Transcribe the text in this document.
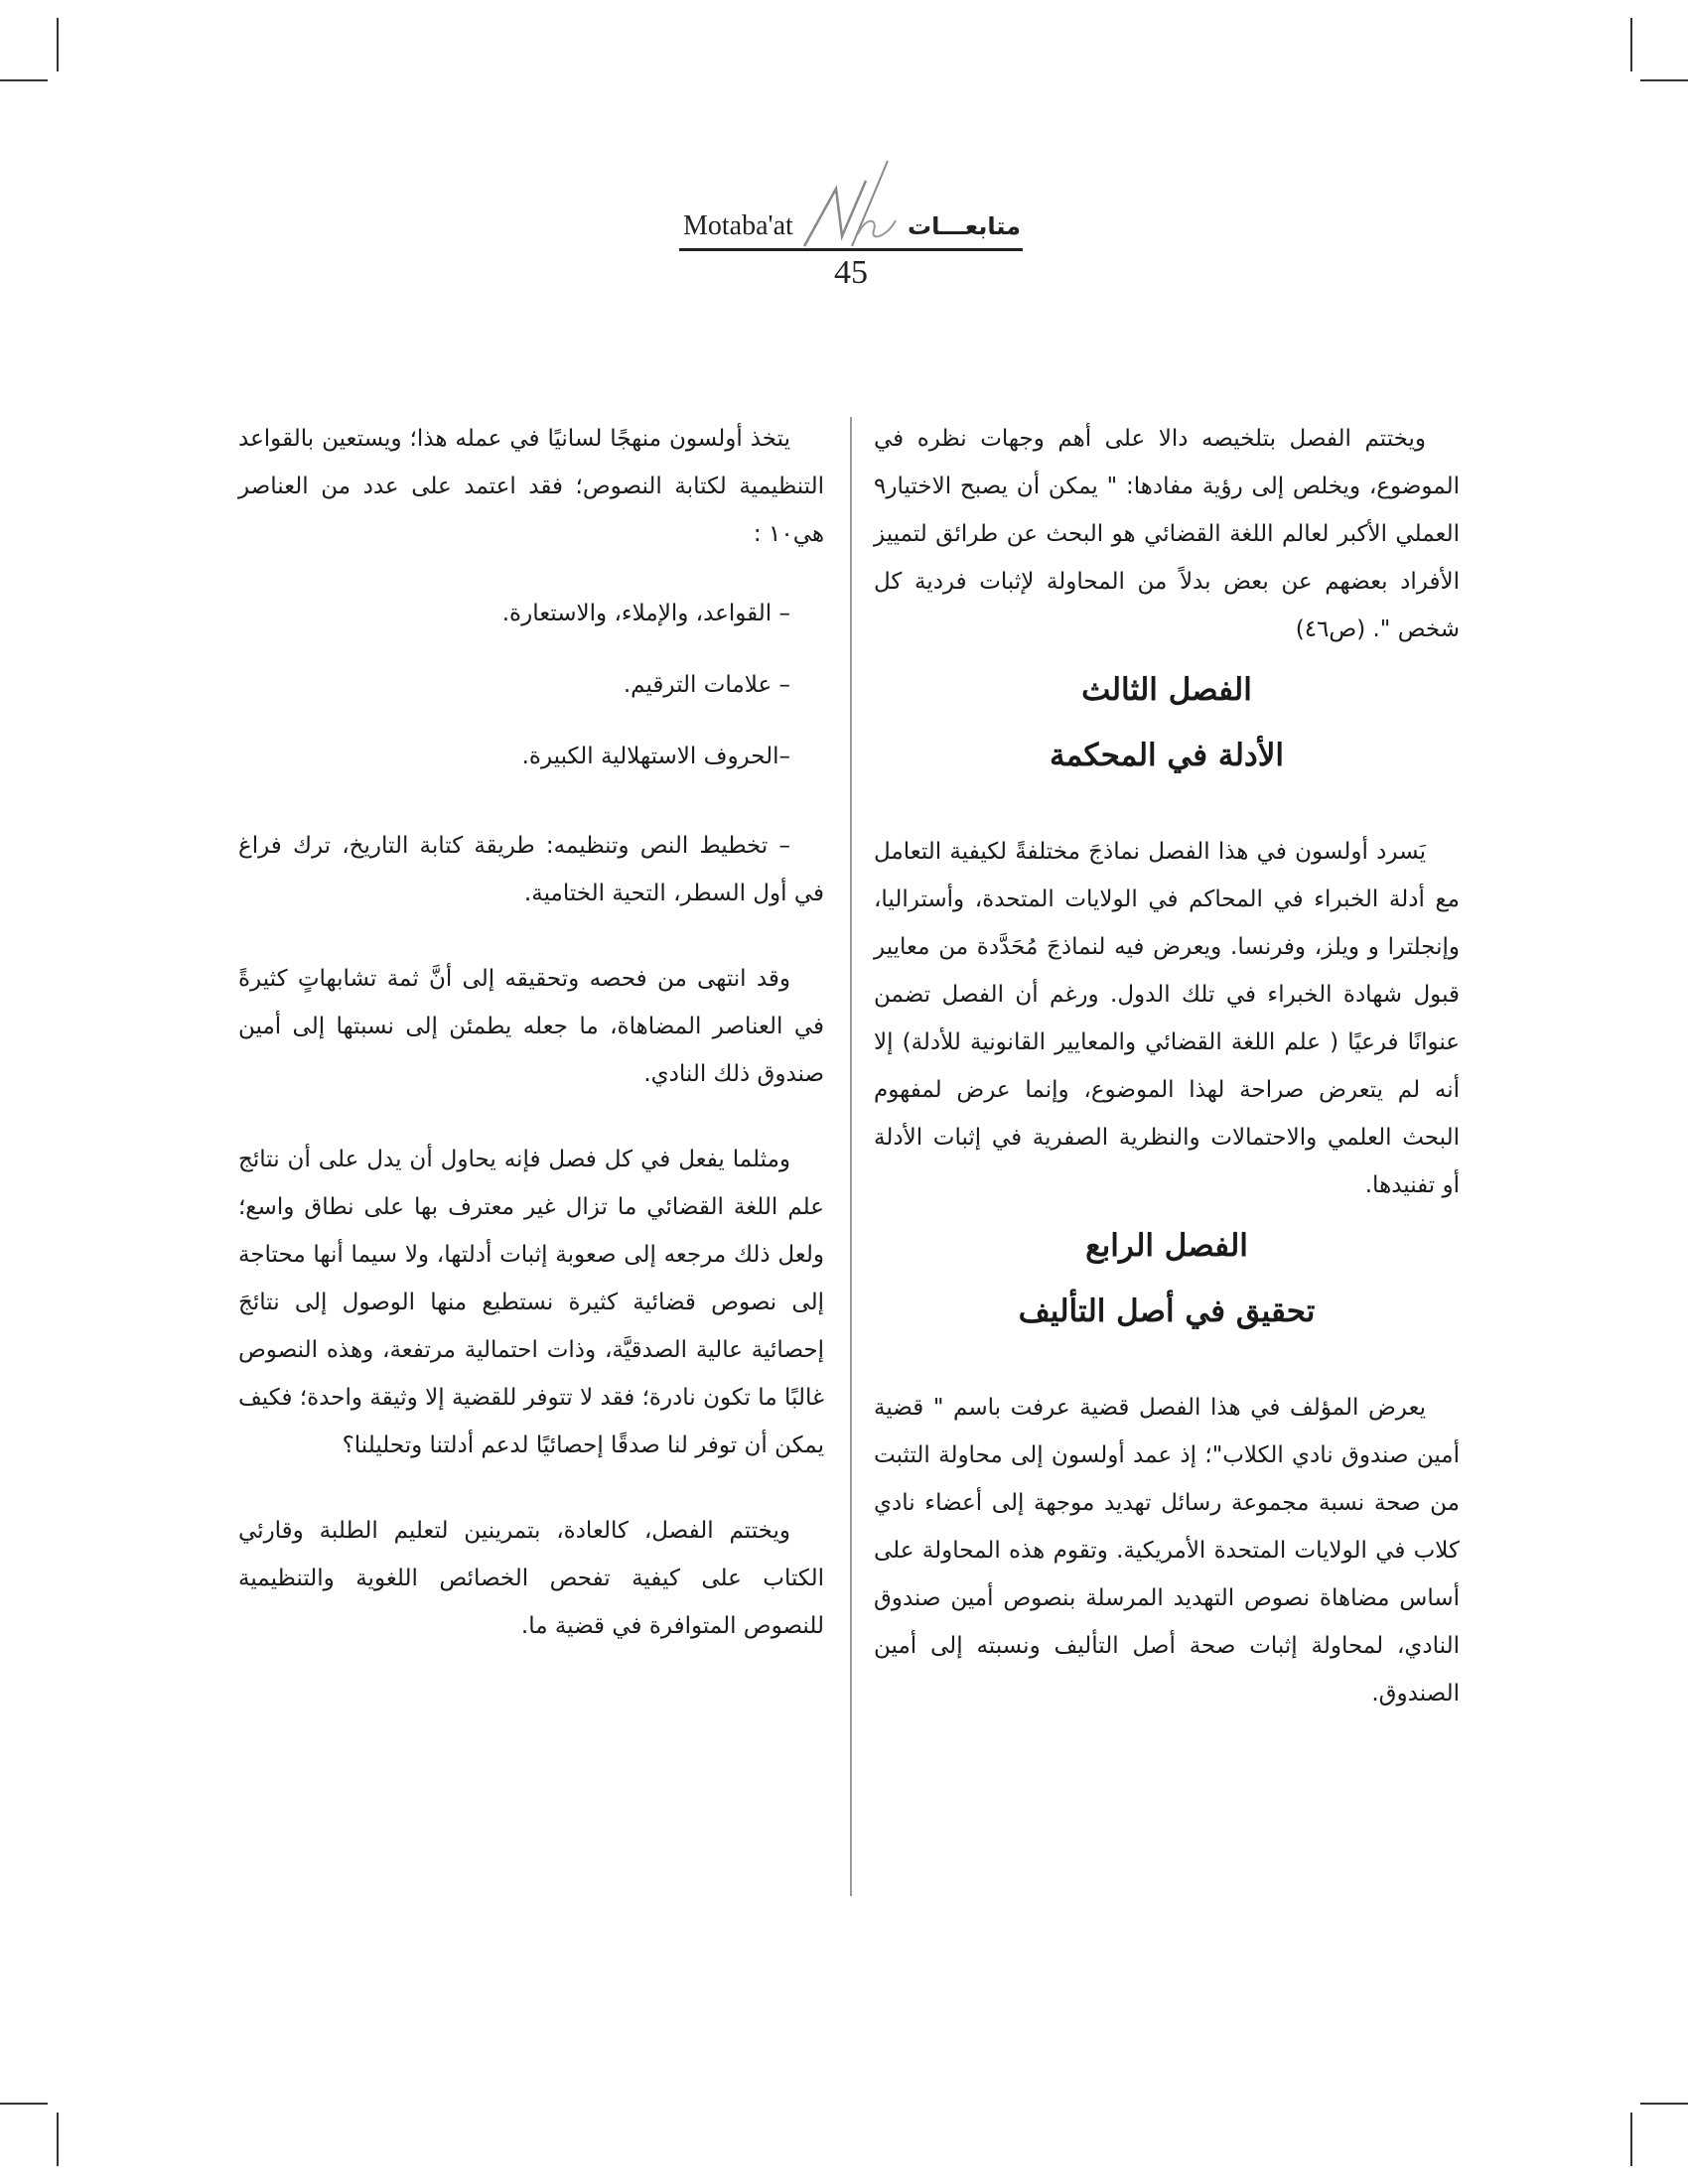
Motaba'at	متابعـــات
45

ويختتم الفصل بتلخيصه دالا على أهم وجهات نظره في الموضوع، ويخلص إلى رؤية مفادها: " يمكن أن يصبح الاختيار٩ العملي الأكبر لعالم اللغة القضائي هو البحث عن طرائق لتمييز الأفراد بعضهم عن بعض بدلاً من المحاولة لإثبات فردية كل شخص ". (ص٤٦)

الفصل الثالث
الأدلة في المحكمة

يَسرد أولسون في هذا الفصل نماذجَ مختلفةً لكيفية التعامل مع أدلة الخبراء في المحاكم في الولايات المتحدة، وأستراليا، وإنجلترا و ويلز، وفرنسا. ويعرض فيه لنماذجَ مُحَدَّدة من معايير قبول شهادة الخبراء في تلك الدول. ورغم أن الفصل تضمن عنوانًا فرعيًا ( علم اللغة القضائي والمعايير القانونية للأدلة) إلا أنه لم يتعرض صراحة لهذا الموضوع، وإنما عرض لمفهوم البحث العلمي والاحتمالات والنظرية الصفرية في إثبات الأدلة أو تفنيدها.

الفصل الرابع
تحقيق في أصل التأليف

يعرض المؤلف في هذا الفصل قضية عرفت باسم " قضية أمين صندوق نادي الكلاب"؛ إذ عمد أولسون إلى محاولة التثبت من صحة نسبة مجموعة رسائل تهديد موجهة إلى أعضاء نادي كلاب في الولايات المتحدة الأمريكية. وتقوم هذه المحاولة على أساس مضاهاة نصوص التهديد المرسلة بنصوص أمين صندوق النادي، لمحاولة إثبات صحة أصل التأليف ونسبته إلى أمين الصندوق.

يتخذ أولسون منهجًا لسانيًا في عمله هذا؛ ويستعين بالقواعد التنظيمية لكتابة النصوص؛ فقد اعتمد على عدد من العناصر هي١٠ :

– القواعد، والإملاء، والاستعارة.

– علامات الترقيم.

–الحروف الاستهلالية الكبيرة.

– تخطيط النص وتنظيمه: طريقة كتابة التاريخ، ترك فراغ في أول السطر، التحية الختامية.

وقد انتهى من فحصه وتحقيقه إلى أنَّ ثمة تشابهاتٍ كثيرةً في العناصر المضاهاة، ما جعله يطمئن إلى نسبتها إلى أمين صندوق ذلك النادي.

ومثلما يفعل في كل فصل فإنه يحاول أن يدل على أن نتائج علم اللغة القضائي ما تزال غير معترف بها على نطاق واسع؛ ولعل ذلك مرجعه إلى صعوبة إثبات أدلتها، ولا سيما أنها محتاجة إلى نصوص قضائية كثيرة نستطيع منها الوصول إلى نتائجَ إحصائية عالية الصدقيَّة، وذات احتمالية مرتفعة، وهذه النصوص غالبًا ما تكون نادرة؛ فقد لا تتوفر للقضية إلا وثيقة واحدة؛ فكيف يمكن أن توفر لنا صدقًا إحصائيًا لدعم أدلتنا وتحليلنا؟

ويختتم الفصل، كالعادة، بتمرينين لتعليم الطلبة وقارئي الكتاب على كيفية تفحص الخصائص اللغوية والتنظيمية للنصوص المتوافرة في قضية ما.
